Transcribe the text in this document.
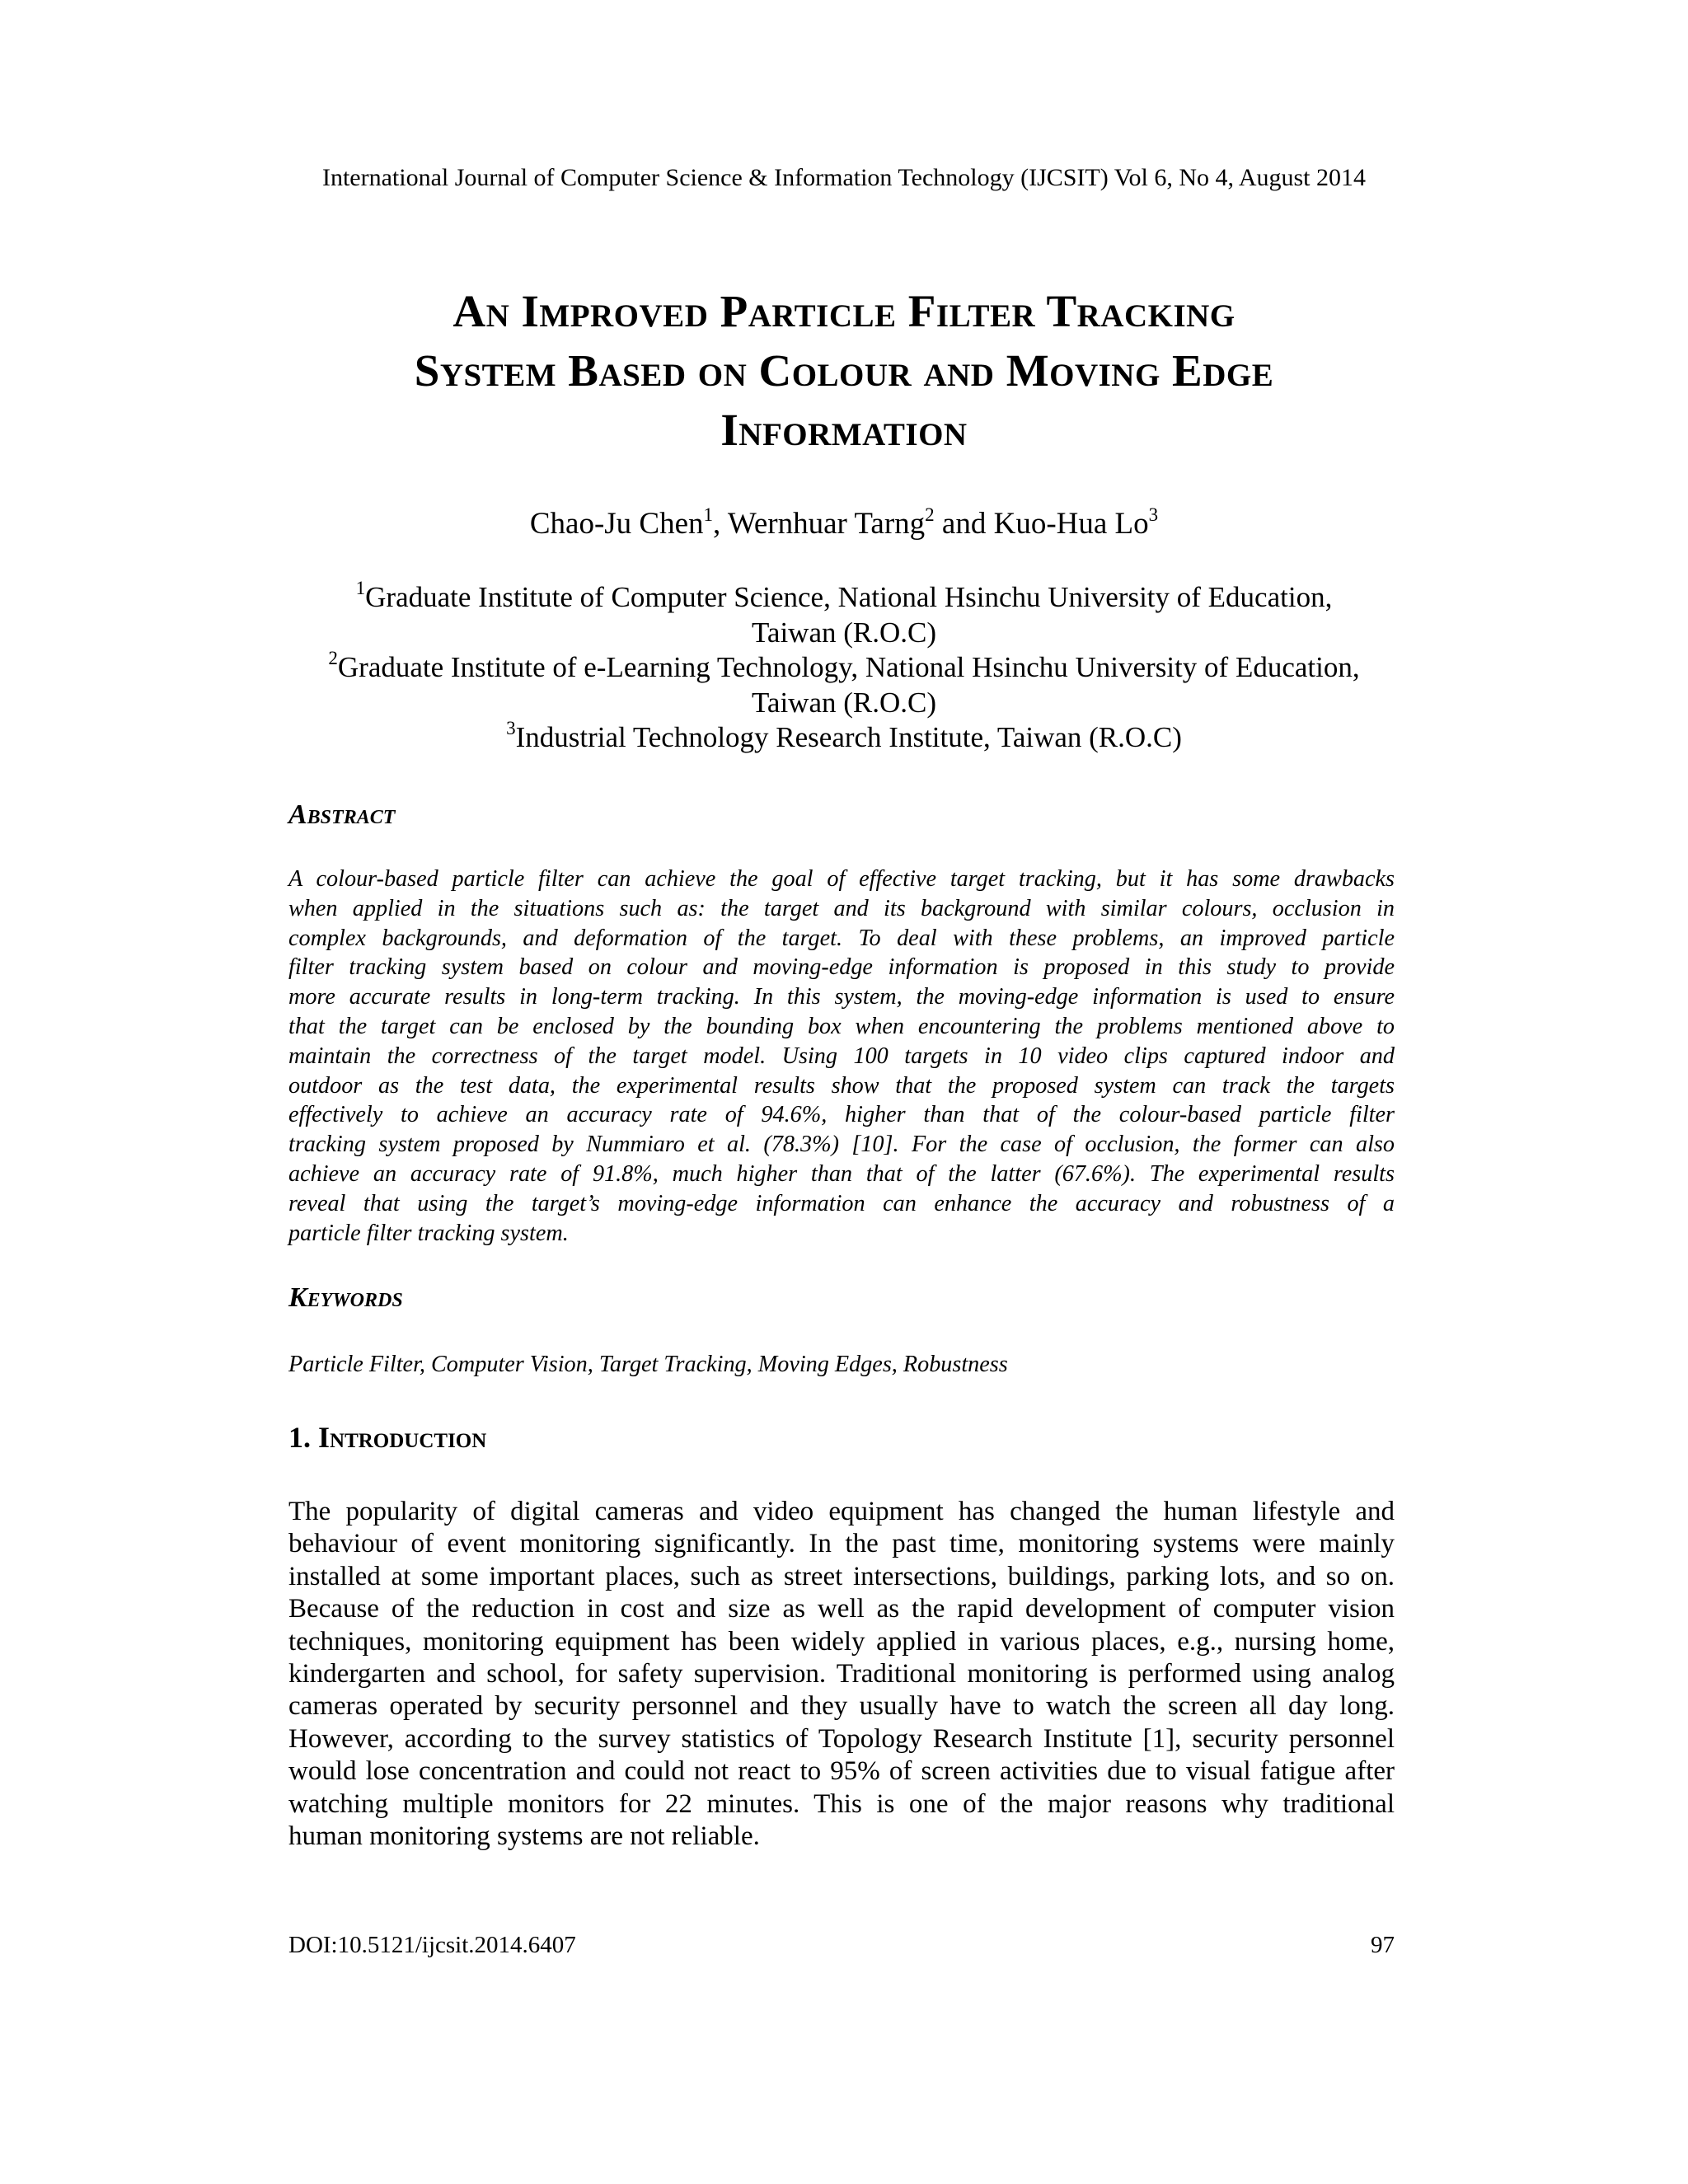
International Journal of Computer Science & Information Technology (IJCSIT) Vol 6, No 4, August 2014
An Improved Particle Filter Tracking
System Based on Colour and Moving Edge
Information
Chao-Ju Chen$^1$, Wernhuar Tarng$^2$ and Kuo-Hua Lo$^3$
$^1$Graduate Institute of Computer Science, National Hsinchu University of Education,
Taiwan (R.O.C)
$^2$Graduate Institute of e-Learning Technology, National Hsinchu University of Education,
Taiwan (R.O.C)
$^3$Industrial Technology Research Institute, Taiwan (R.O.C)
Abstract
A colour-based particle filter can achieve the goal of effective target tracking, but it has some drawbacks
when applied in the situations such as: the target and its background with similar colours, occlusion in
complex backgrounds, and deformation of the target. To deal with these problems, an improved particle
filter tracking system based on colour and moving-edge information is proposed in this study to provide
more accurate results in long-term tracking. In this system, the moving-edge information is used to ensure
that the target can be enclosed by the bounding box when encountering the problems mentioned above to
maintain the correctness of the target model. Using 100 targets in 10 video clips captured indoor and
outdoor as the test data, the experimental results show that the proposed system can track the targets
effectively to achieve an accuracy rate of 94.6%, higher than that of the colour-based particle filter
tracking system proposed by Nummiaro et al. (78.3%) [10]. For the case of occlusion, the former can also
achieve an accuracy rate of 91.8%, much higher than that of the latter (67.6%). The experimental results
reveal that using the target’s moving-edge information can enhance the accuracy and robustness of a
particle filter tracking system.
Keywords
Particle Filter, Computer Vision, Target Tracking, Moving Edges, Robustness
1. Introduction
The popularity of digital cameras and video equipment has changed the human lifestyle and
behaviour of event monitoring significantly. In the past time, monitoring systems were mainly
installed at some important places, such as street intersections, buildings, parking lots, and so on.
Because of the reduction in cost and size as well as the rapid development of computer vision
techniques, monitoring equipment has been widely applied in various places, e.g., nursing home,
kindergarten and school, for safety supervision. Traditional monitoring is performed using analog
cameras operated by security personnel and they usually have to watch the screen all day long.
However, according to the survey statistics of Topology Research Institute [1], security personnel
would lose concentration and could not react to 95% of screen activities due to visual fatigue after
watching multiple monitors for 22 minutes. This is one of the major reasons why traditional
human monitoring systems are not reliable.
DOI:10.5121/ijcsit.2014.6407	97
